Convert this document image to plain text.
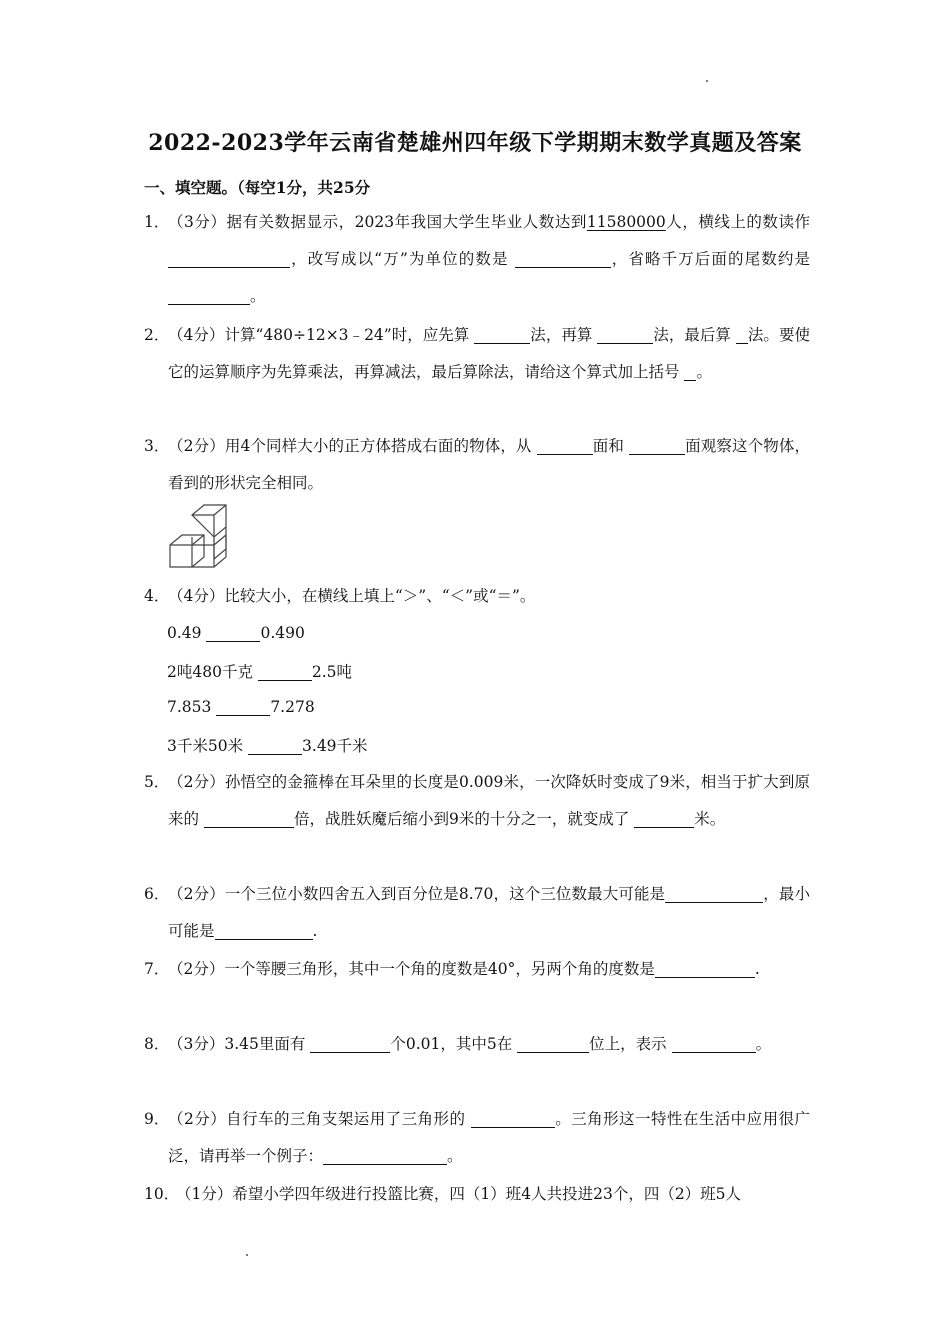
2022-2023学年云南省楚雄州四年级下学期期末数学真题及答案
一、填空题。（每空1分，共25分
1．
（3分）据有关数据显示，2023年我国大学生毕业人数达到11580000人，横线上的数读作 ，改写成以“万”为单位的数是	，省略千万后面的尾数约是 。
2．
（4分）计算“480÷12×3﹣24”时，应先算	法，再算	法，最后算 法。要使它的运算顺序为先算乘法，再算减法，最后算除法，请给这个算式加上括号 。
3．
（2分）用4个同样大小的正方体搭成右面的物体，从	面和	面观察这个物体，看到的形状完全相同。
4．
（4分）比较大小，在横线上填上“＞”、“＜”或“＝”。
0.49	0.490
2吨480千克	2.5吨
7.853	7.278
3千米50米	3.49千米
5．
（2分）孙悟空的金箍棒在耳朵里的长度是0.009米，一次降妖时变成了9米，相当于扩大到原来的	倍，战胜妖魔后缩小到9米的十分之一，就变成了	米。
6．
（2分）一个三位小数四舍五入到百分位是8.70，这个三位数最大可能是	，最小可能是	.
7．
（2分）一个等腰三角形，其中一个角的度数是40°，另两个角的度数是	.
8．
（3分）3.45里面有	个0.01，其中5在	位上，表示	。
9．
（2分）自行车的三角支架运用了三角形的	。三角形这一特性在生活中应用很广泛，请再举一个例子：	。
10．
（1分）希望小学四年级进行投篮比赛，四（1）班4人共投进23个，四（2）班5人
